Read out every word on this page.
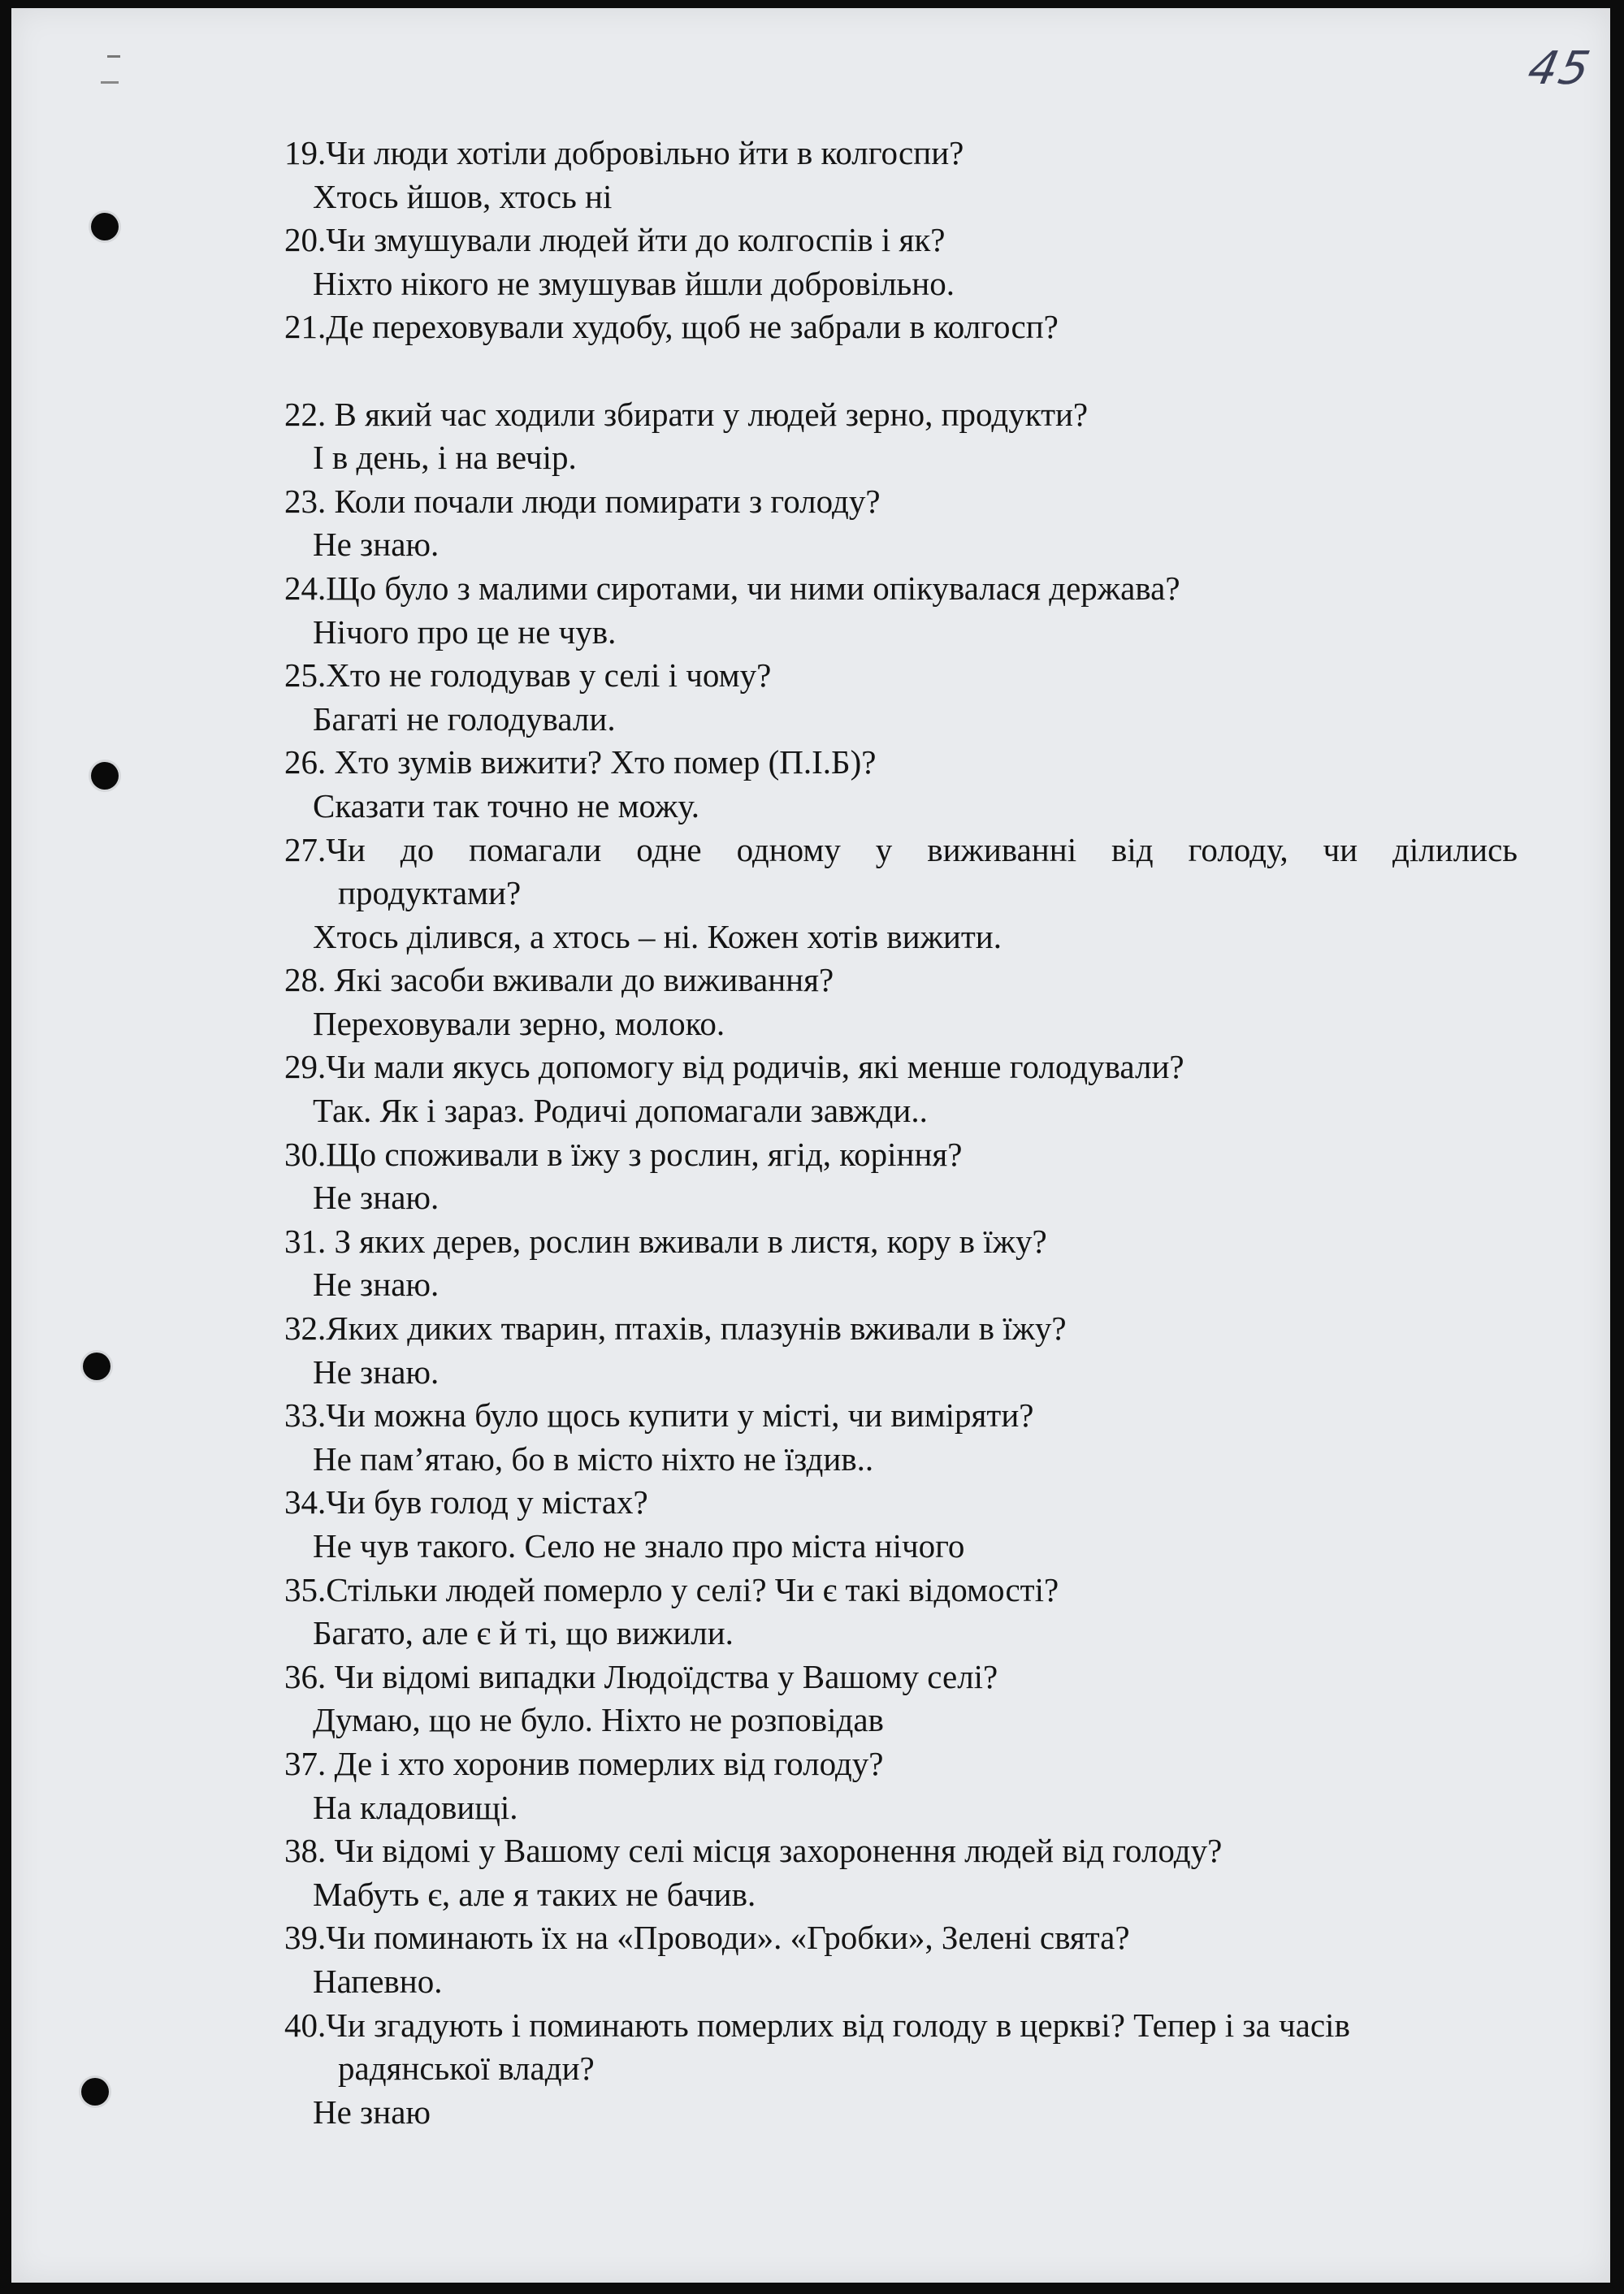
45
19.Чи люди хотіли добровільно йти в колгоспи?
Хтось йшов, хтось ні
20.Чи змушували людей йти до колгоспів і як?
Ніхто нікого не змушував йшли добровільно.
21.Де переховували худобу, щоб не забрали в колгосп?
22. В який час ходили збирати у людей зерно, продукти?
І в день, і на вечір.
23. Коли почали люди помирати з голоду?
Не знаю.
24.Що було з малими сиротами, чи ними опікувалася держава?
Нічого про це не чув.
25.Хто не голодував у селі і чому?
Багаті не голодували.
26. Хто зумів вижити? Хто помер (П.І.Б)?
Сказати так точно не можу.
27.Чи до помагали одне одному у виживанні від голоду, чи ділились
продуктами?
Хтось ділився, а хтось – ні. Кожен хотів вижити.
28. Які засоби вживали до виживання?
Переховували зерно, молоко.
29.Чи мали якусь допомогу від родичів, які менше голодували?
Так. Як і зараз. Родичі допомагали завжди..
30.Що споживали в їжу з рослин, ягід, коріння?
Не знаю.
31. З яких дерев, рослин вживали в листя, кору в їжу?
Не знаю.
32.Яких диких тварин, птахів, плазунів вживали в їжу?
Не знаю.
33.Чи можна було щось купити у місті, чи виміряти?
Не пам’ятаю, бо в місто ніхто не їздив..
34.Чи був голод у містах?
Не чув такого. Село не знало про міста нічого
35.Стільки людей померло у селі? Чи є такі відомості?
Багато, але є й ті, що вижили.
36. Чи відомі випадки Людоїдства у Вашому селі?
Думаю, що не було. Ніхто не розповідав
37. Де і хто хоронив померлих від голоду?
На кладовищі.
38. Чи відомі у Вашому селі місця захоронення людей від голоду?
Мабуть є, але я таких не бачив.
39.Чи поминають їх на «Проводи». «Гробки», Зелені свята?
Напевно.
40.Чи згадують і поминають померлих від голоду в церкві? Тепер і за часів
радянської влади?
Не знаю
